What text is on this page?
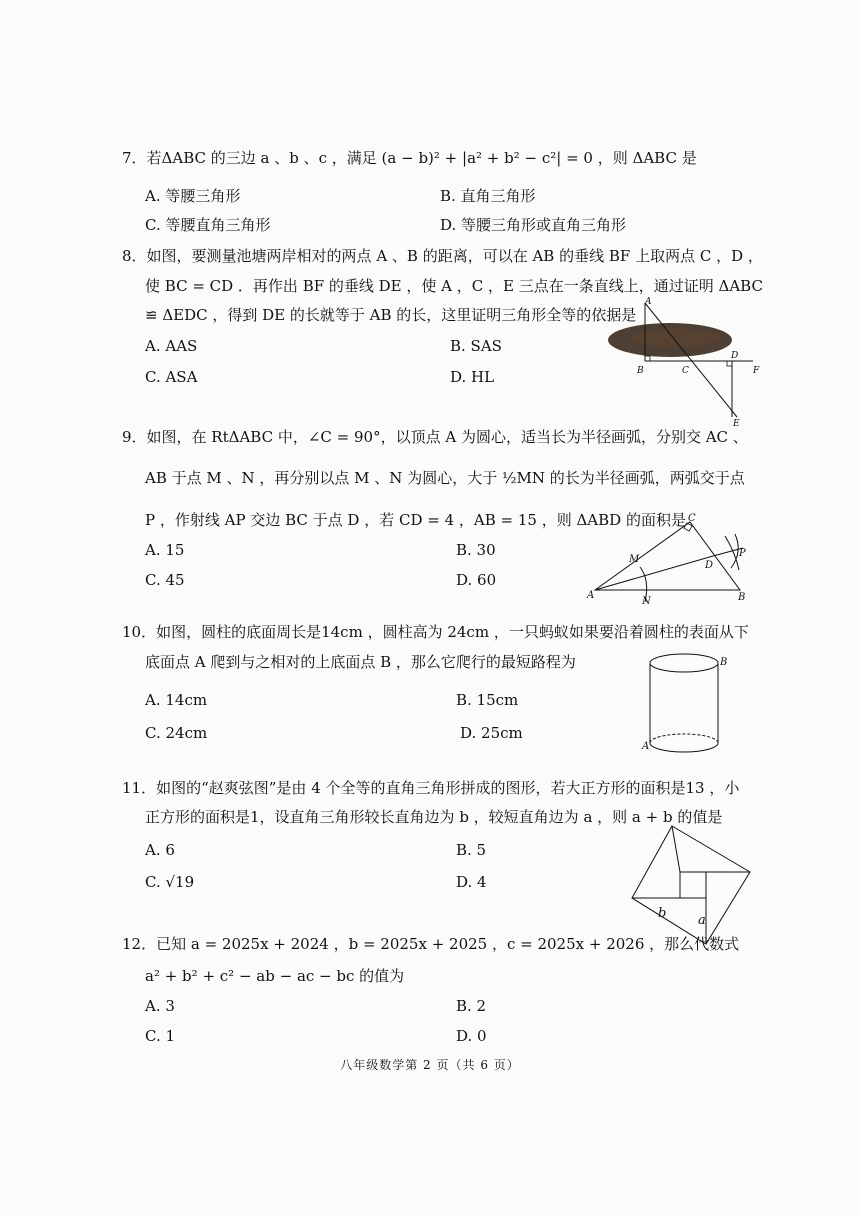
7．若ΔABC 的三边 a 、b 、c ，满足 (a − b)² + |a² + b² − c²| = 0 ，则 ΔABC 是
A. 等腰三角形	B. 直角三角形
C. 等腰直角三角形	D. 等腰三角形或直角三角形
8．如图，要测量池塘两岸相对的两点 A 、B 的距离，可以在 AB 的垂线 BF 上取两点 C ，D ，
使 BC = CD ．再作出 BF 的垂线 DE ，使 A ，C ，E 三点在一条直线上，通过证明 ΔABC
≌ ΔEDC ，得到 DE 的长就等于 AB 的长，这里证明三角形全等的依据是
A. AAS	B. SAS
C. ASA	D. HL
A
B	C
D
F
E
9．如图，在 RtΔABC 中，∠C = 90°，以顶点 A 为圆心，适当长为半径画弧，分别交 AC 、
AB 于点 M 、N ，再分别以点 M 、N 为圆心，大于 ½MN 的长为半径画弧，两弧交于点
P ，作射线 AP 交边 BC 于点 D ，若 CD = 4 ，AB = 15 ，则 ΔABD 的面积是
A. 15	B. 30
C. 45	D. 60
A	B
C
D
M
N
P
10．如图，圆柱的底面周长是14cm ，圆柱高为 24cm ，一只蚂蚁如果要沿着圆柱的表面从下
底面点 A 爬到与之相对的上底面点 B ，那么它爬行的最短路程为
A. 14cm	B. 15cm
C. 24cm	D. 25cm
B
A
11．如图的“赵爽弦图”是由 4 个全等的直角三角形拼成的图形，若大正方形的面积是13 ，小
正方形的面积是1，设直角三角形较长直角边为 b ，较短直角边为 a ，则 a + b 的值是
A. 6	B. 5
C. √19	D. 4
b a
12．已知 a = 2025x + 2024 ，b = 2025x + 2025 ，c = 2025x + 2026 ，那么代数式
a² + b² + c² − ab − ac − bc 的值为
A. 3	B. 2
C. 1	D. 0
八年级数学第 2 页（共 6 页）
